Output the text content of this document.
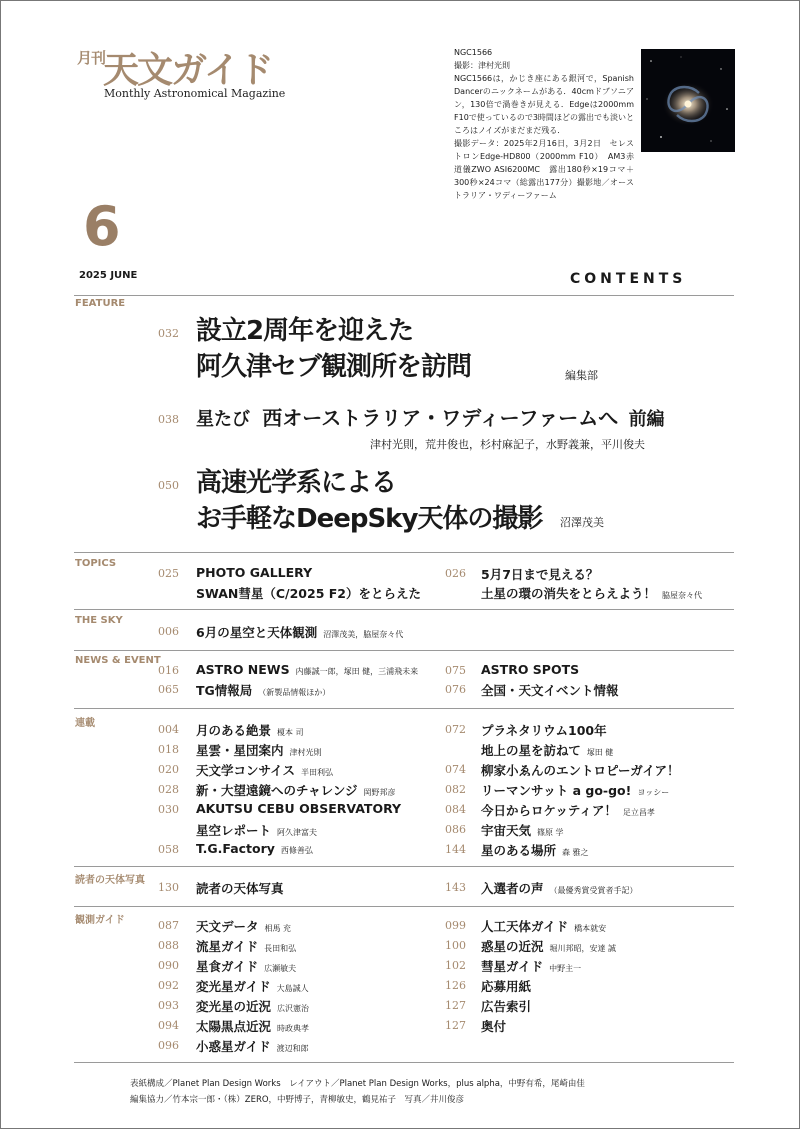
月刊
天文ガイド
Monthly Astronomical Magazine
6
2025 JUNE
NGC1566
撮影：津村光則
NGC1566は，かじき座にある銀河で，Spanish Dancerのニックネームがある．40cmドブソニアン，130倍で渦巻きが見える．Edgeは2000mm F10で使っているので3時間ほどの露出でも淡いところはノイズがまだまだ残る．
撮影データ：2025年2月16日，3月2日　セレストロンEdge-HD800（2000mm F10）　AM3赤道儀ZWO ASI6200MC　露出180秒×19コマ＋300秒×24コマ（総露出177分）撮影地／オーストラリア・ワディーファーム
CONTENTS
FEATURE
032 設立2周年を迎えた
阿久津セブ観測所を訪問	編集部
038 星たび 西オーストラリア・ワディーファームへ 前編
津村光則，荒井俊也，杉村麻記子，水野義兼，平川俊夫
050 高速光学系による
お手軽なDeepSky天体の撮影 沼澤茂美
TOPICS
025 PHOTO GALLERY
SWAN彗星（C/2025 F2）をとらえた
026 5月7日まで見える？
土星の環の消失をとらえよう！ 脇屋奈々代
THE SKY
006 6月の星空と天体観測 沼澤茂美，脇屋奈々代
NEWS & EVENT
016 ASTRO NEWS 内藤誠一郎，塚田 健，三浦飛未来
065 TG情報局 （新製品情報ほか）
075 ASTRO SPOTS
076 全国・天文イベント情報
連載	004 月のある絶景 榎本 司
018 星雲・星団案内 津村光則
020 天文学コンサイス 半田利弘
028 新・大望遠鏡へのチャレンジ 岡野邦彦
030 AKUTSU CEBU OBSERVATORY
星空レポート 阿久津富夫
058 T.G.Factory 西條善弘
072 プラネタリウム100年
地上の星を訪ねて 塚田 健
074 柳家小ゑんのエントロピーガイア！
082 リーマンサット a go-go! ヨッシー
084 今日からロケッティア！ 足立昌孝
086 宇宙天気 篠原 学
144 星のある場所 森 雅之
読者の天体写真
130 読者の天体写真	143 入選者の声 （最優秀賞受賞者手記）
観測ガイド	087 天文データ 相馬 充
088 流星ガイド 長田和弘
090 星食ガイド 広瀬敏夫
092 変光星ガイド 大島誠人
093 変光星の近況 広沢憲治
094 太陽黒点近況 時政典孝
096 小惑星ガイド 渡辺和郎
099 人工天体ガイド 橋本就安
100 惑星の近況 堀川邦昭，安達 誠
102 彗星ガイド 中野主一
126 応募用紙
127 広告索引
127 奥付
表紙構成／Planet Plan Design Works　レイアウト／Planet Plan Design Works，plus alpha，中野有希，尾崎由佳
編集協力／竹本宗一郎・（株）ZERO，中野博子，青柳敏史，鶴見祐子　写真／井川俊彦
